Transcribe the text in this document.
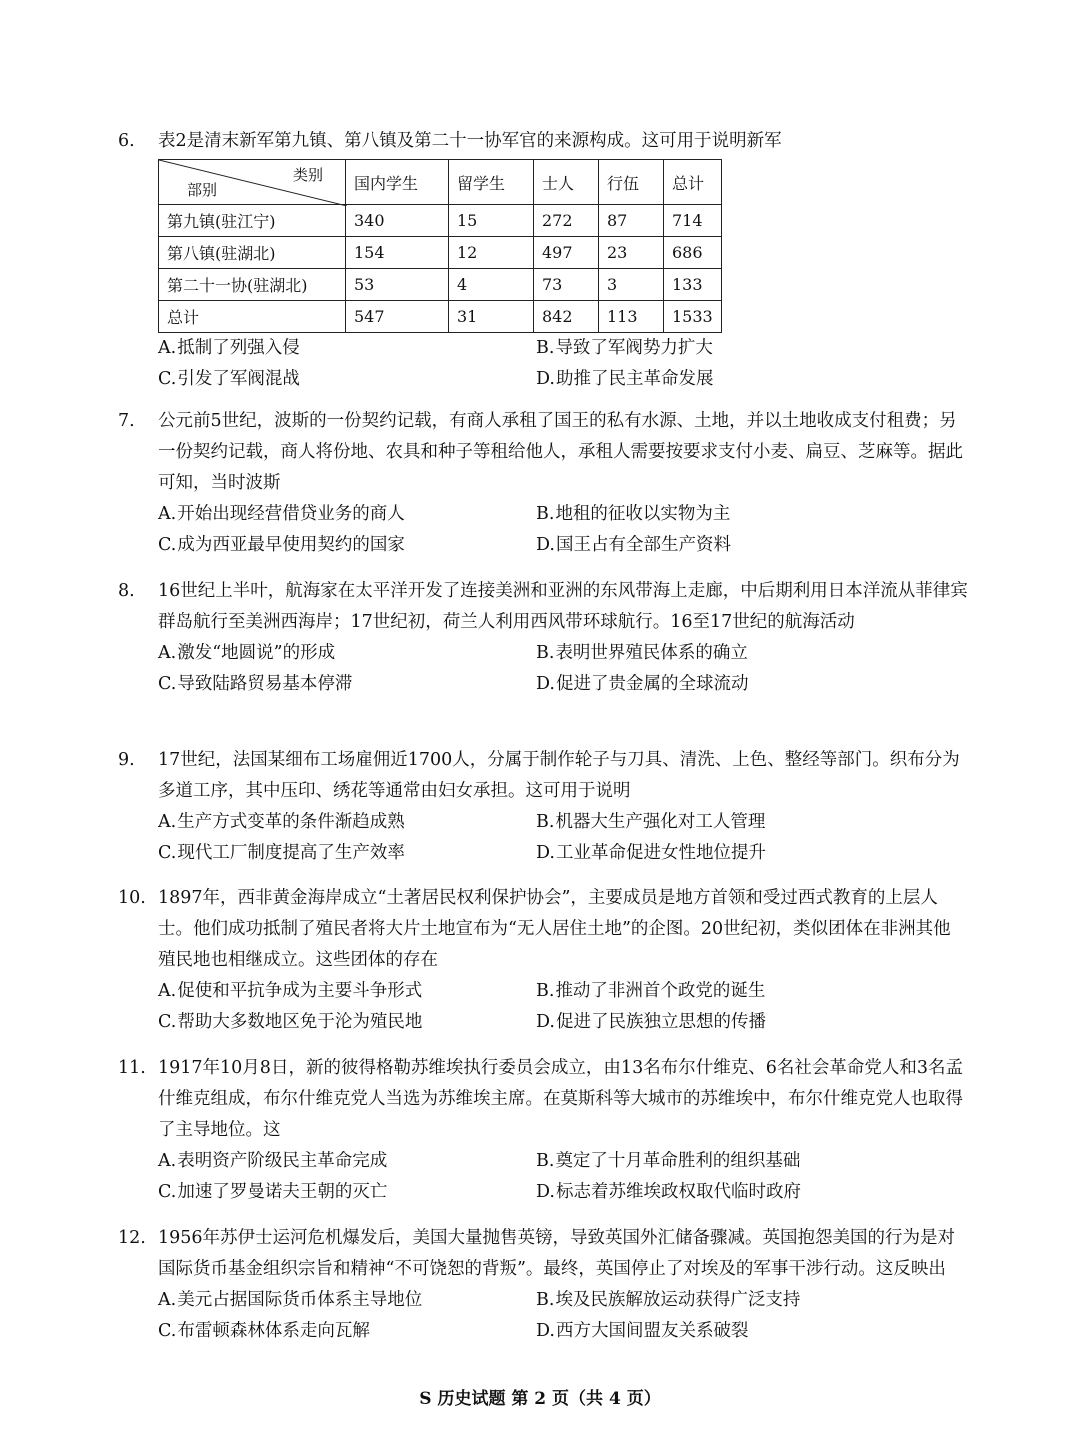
6. 表2是清末新军第九镇、第八镇及第二十一协军官的来源构成。这可用于说明新军
类别
部别	国内学生	留学生	士人	行伍	总计
第九镇(驻江宁)	340	15	272	87	714
第八镇(驻湖北)	154	12	497	23	686
第二十一协(驻湖北)	53	4	73	3	133
总计	547	31	842	113	1533
A.抵制了列强入侵	B.导致了军阀势力扩大
C.引发了军阀混战	D.助推了民主革命发展
7. 公元前5世纪，波斯的一份契约记载，有商人承租了国王的私有水源、土地，并以土地收成支付租费；另一份契约记载，商人将份地、农具和种子等租给他人，承租人需要按要求支付小麦、扁豆、芝麻等。据此可知，当时波斯
A.开始出现经营借贷业务的商人	B.地租的征收以实物为主
C.成为西亚最早使用契约的国家	D.国王占有全部生产资料
8. 16世纪上半叶，航海家在太平洋开发了连接美洲和亚洲的东风带海上走廊，中后期利用日本洋流从菲律宾群岛航行至美洲西海岸；17世纪初，荷兰人利用西风带环球航行。16至17世纪的航海活动
A.激发“地圆说”的形成	B.表明世界殖民体系的确立
C.导致陆路贸易基本停滞	D.促进了贵金属的全球流动
9. 17世纪，法国某细布工场雇佣近1700人，分属于制作轮子与刀具、清洗、上色、整经等部门。织布分为多道工序，其中压印、绣花等通常由妇女承担。这可用于说明
A.生产方式变革的条件渐趋成熟	B.机器大生产强化对工人管理
C.现代工厂制度提高了生产效率	D.工业革命促进女性地位提升
10. 1897年，西非黄金海岸成立“土著居民权利保护协会”，主要成员是地方首领和受过西式教育的上层人士。他们成功抵制了殖民者将大片土地宣布为“无人居住土地”的企图。20世纪初，类似团体在非洲其他殖民地也相继成立。这些团体的存在
A.促使和平抗争成为主要斗争形式	B.推动了非洲首个政党的诞生
C.帮助大多数地区免于沦为殖民地	D.促进了民族独立思想的传播
11. 1917年10月8日，新的彼得格勒苏维埃执行委员会成立，由13名布尔什维克、6名社会革命党人和3名孟什维克组成，布尔什维克党人当选为苏维埃主席。在莫斯科等大城市的苏维埃中，布尔什维克党人也取得了主导地位。这
A.表明资产阶级民主革命完成	B.奠定了十月革命胜利的组织基础
C.加速了罗曼诺夫王朝的灭亡	D.标志着苏维埃政权取代临时政府
12. 1956年苏伊士运河危机爆发后，美国大量抛售英镑，导致英国外汇储备骤减。英国抱怨美国的行为是对国际货币基金组织宗旨和精神“不可饶恕的背叛”。最终，英国停止了对埃及的军事干涉行动。这反映出
A.美元占据国际货币体系主导地位	B.埃及民族解放运动获得广泛支持
C.布雷顿森林体系走向瓦解	D.西方大国间盟友关系破裂
S 历史试题 第 2 页（共 4 页）
